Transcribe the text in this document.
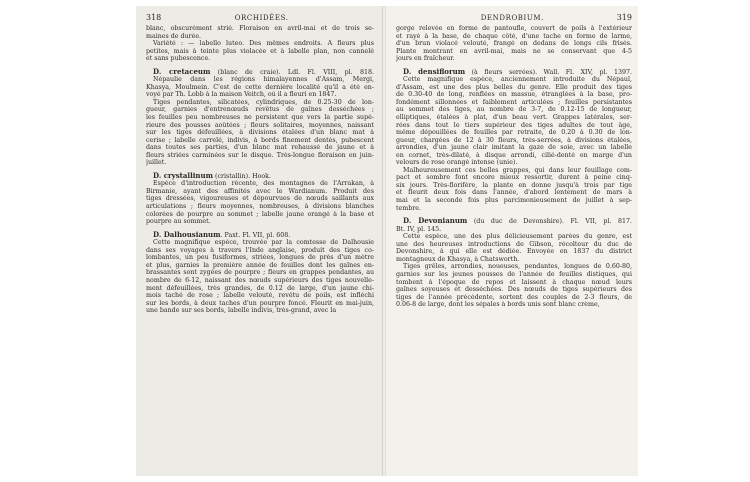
318	ORCHIDÉES.
blanc, obscurément strié. Floraison en avril-mai et de trois se-
maines de durée.
Variété : — labello luteo. Des mêmes endroits. A fleurs plus
petites, mais à teinte plus violacée et à labelle plan, non cannelé
et sans pubescence.
D. cretaceum (blanc de craie). Ldl. Fl. VIII, pl. 818.
Népaulie dans les régions himalayennes d'Assam, Mergi,
Khasya, Moulmein. C'est de cette dernière localité qu'il a été en-
voyé par Th. Lobb à la maison Veitch, où il a fleuri en 1847.
Tiges pendantes, silicatées, cylindriques, de 0.25-30 de lon-
gueur, garnies d'entrenœuds revêtus de gaînes desséchées ;
les feuilles peu nombreuses ne persistent que vers la partie supé-
rieure des pousses aoûtées ; fleurs solitaires, moyennes, naissant
sur les tiges défeuillées, à divisions étalées d'un blanc mat à
cerise ; labelle carrelé, indivis, à bords finement dentés, pubescent
dans toutes ses parties, d'un blanc mat rehaussé de jaune et à
fleurs striées carminées sur le disque. Très-longue floraison en juin-
juillet.
D. crystallinum (cristallin). Hook.
Espèce d'introduction récente, des montagnes de l'Arrakan, à
Birmanie, ayant des affinités avec le Wardianum. Produit des
tiges dressées, vigoureuses et dépourvues de nœuds saillants aux
articulations ; fleurs moyennes, nombreuses, à divisions blanches
colorées de pourpre au sommet ; labelle jaune orangé à la base et
pourpre au sommet.
D. Dalhousianum. Paxt. Fl. VII, pl. 608.
Cette magnifique espèce, trouvée par la comtesse de Dalhousie
dans ses voyages à travers l'Inde anglaise, produit des tiges co-
lombantes, un peu fusiformes, striées, longues de près d'un mètre
et plus, garnies la première année de feuilles dont les gaînes en-
brassantes sont zygées de pourpre ; fleurs en grappes pendantes, au
nombre de 6-12, naissant des nœuds supérieurs des tiges nouvelle-
ment défeuillées, très grandes, de 0.12 de large, d'un jaune chi-
mois taché de rose ; labelle velouté, revêtu de poils, est infléchi
sur les bords, à deux taches d'un pourpre foncé. Fleurit en mai-juin,
une bande sur ses bords, labelle indivis, très-grand, avec la
DENDROBIUM.	319
gorge relevée en forme de pantoufle, couvert de poils à l'extérieur
et rayé à la base, de chaque côté, d'une tache en forme de larme,
d'un brun violacé velouté, frangé en dedans de longs cils frisés.
Plante montrant en avril-mai, mais ne se conservant que 4-5
jours en fraîcheur.
D. densiflorum (à fleurs serrées). Wall. Fl. XIV, pl. 1397.
Cette magnifique espèce, anciennement introduite du Népaul,
d'Assam, est une des plus belles du genre. Elle produit des tiges
de 0.30-40 de long, renflées en massue, étranglées à la base, pro-
fondément sillonnées et faiblement articulées ; feuilles persistantes
au sommet des tiges, au nombre de 3-7, de 0.12-15 de longueur,
elliptiques, étalées à plat, d'un beau vert. Grappes latérales, ser-
rées dans tout le tiers supérieur des tiges adultes de tout âge,
même dépouillées de feuilles par retraite, de 0.20 à 0.30 de lon-
gueur, chargées de 12 à 30 fleurs, très-serrées, à divisions étalées,
arrondies, d'un jaune clair imitant la gaze de soie, avec un labelle
en cornet, très-dilaté, à disque arrondi, cilié-denté en marge d'un
velours de rose orangé intense (unie).
Malheureusement ces belles grappes, qui dans leur feuillage com-
pact et sombre font encore mieux ressortir, durent à peine cinq-
six jours. Très-florifère, la plante en donne jusqu'à trois par tige
et fleurit deux fois dans l'année, d'abord lentement de mars à
mai et la seconde fois plus parcimonieusement de juillet à sep-
tembre.
D. Devonianum (du duc de Devonshire). Fl. VII, pl. 817.
Bt. IV, pl. 145.
Cette espèce, une des plus délicieusement parées du genre, est
une des heureuses introductions de Gibson, récolteur du duc de
Devonshire, à qui elle est dédiée. Envoyée en 1837 du district
montagneux de Khasya, à Chatsworth.
Tiges grêles, arrondies, noueuses, pendantes, longues de 0.60-80,
garnies sur les jeunes pousses de l'année de feuilles distiques, qui
tombent à l'époque de repos et laissent à chaque nœud leurs
gaînes soyeuses et desséchées. Des nœuds de tiges supérieurs des
tiges de l'année précédente, sortent des couples de 2-3 fleurs, de
0.06-8 de large, dont les sépales à bords unis sont blanc crème,
